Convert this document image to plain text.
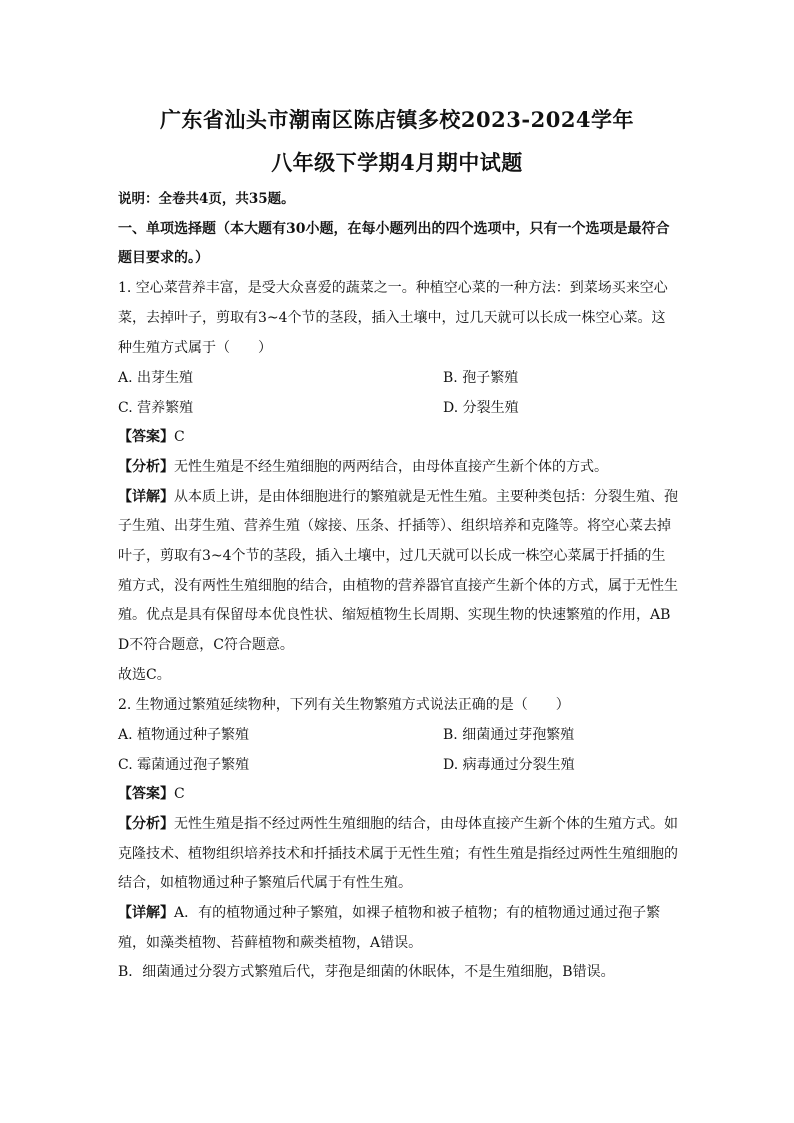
广东省汕头市潮南区陈店镇多校2023-2024学年
八年级下学期4月期中试题
说明：全卷共4页，共35题。
一、单项选择题（本大题有30小题，在每小题列出的四个选项中，只有一个选项是最符合题目要求的。）
1. 空心菜营养丰富，是受大众喜爱的蔬菜之一。种植空心菜的一种方法：到菜场买来空心菜，去掉叶子，剪取有3~4个节的茎段，插入土壤中，过几天就可以长成一株空心菜。这种生殖方式属于（　　）
A. 出芽生殖	B. 孢子繁殖
C. 营养繁殖	D. 分裂生殖
【答案】C
【分析】无性生殖是不经生殖细胞的两两结合，由母体直接产生新个体的方式。
【详解】从本质上讲，是由体细胞进行的繁殖就是无性生殖。主要种类包括：分裂生殖、孢子生殖、出芽生殖、营养生殖（嫁接、压条、扦插等）、组织培养和克隆等。将空心菜去掉叶子，剪取有3~4个节的茎段，插入土壤中，过几天就可以长成一株空心菜属于扦插的生殖方式，没有两性生殖细胞的结合，由植物的营养器官直接产生新个体的方式，属于无性生殖。优点是具有保留母本优良性状、缩短植物生长周期、实现生物的快速繁殖的作用，ABD不符合题意，C符合题意。
故选C。
2. 生物通过繁殖延续物种，下列有关生物繁殖方式说法正确的是（　　）
A. 植物通过种子繁殖	B. 细菌通过芽孢繁殖
C. 霉菌通过孢子繁殖	D. 病毒通过分裂生殖
【答案】C
【分析】无性生殖是指不经过两性生殖细胞的结合，由母体直接产生新个体的生殖方式。如克隆技术、植物组织培养技术和扦插技术属于无性生殖；有性生殖是指经过两性生殖细胞的结合，如植物通过种子繁殖后代属于有性生殖。
【详解】A．有的植物通过种子繁殖，如裸子植物和被子植物；有的植物通过通过孢子繁殖，如藻类植物、苔藓植物和蕨类植物，A错误。
B．细菌通过分裂方式繁殖后代，芽孢是细菌的休眠体，不是生殖细胞，B错误。
